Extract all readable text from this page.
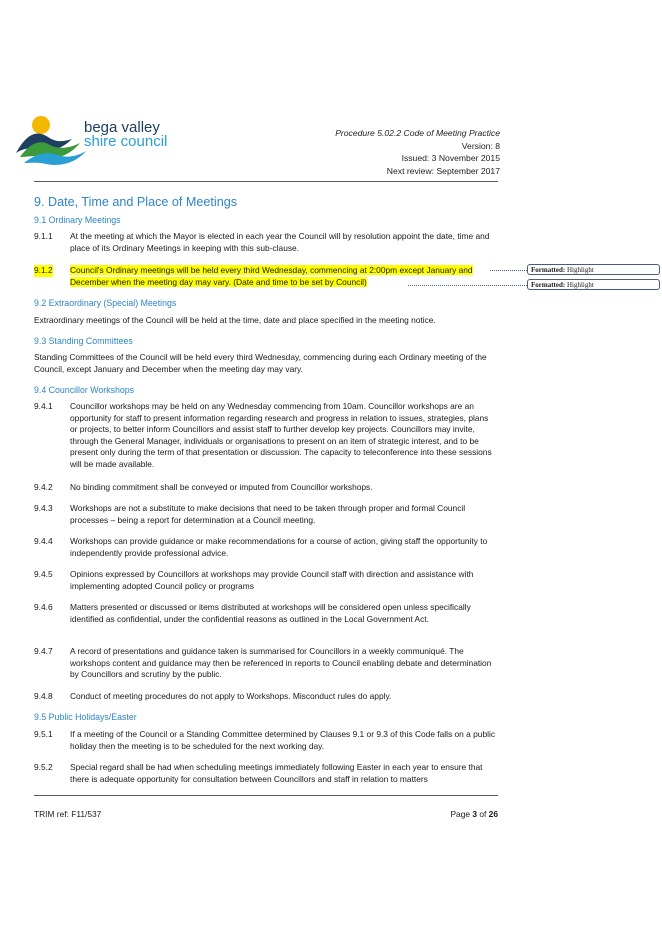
bega valley
shire council	Procedure 5.02.2 Code of Meeting Practice
Version: 8
Issued: 3 November 2015
Next review: September 2017
9. Date, Time and Place of Meetings
9.1 Ordinary Meetings
9.1.1 At the meeting at which the Mayor is elected in each year the Council will by resolution appoint the date, time and place of its Ordinary Meetings in keeping with this sub-clause.
9.1.2 Council's Ordinary meetings will be held every third Wednesday, commencing at 2:00pm except January and December when the meeting day may vary. (Date and time to be set by Council)
9.2 Extraordinary (Special) Meetings
Extraordinary meetings of the Council will be held at the time, date and place specified in the meeting notice.
9.3 Standing Committees
Standing Committees of the Council will be held every third Wednesday, commencing during each Ordinary meeting of the Council, except January and December when the meeting day may vary.
9.4 Councillor Workshops
9.4.1 Councillor workshops may be held on any Wednesday commencing from 10am. Councillor workshops are an opportunity for staff to present information regarding research and progress in relation to issues, strategies, plans or projects, to better inform Councillors and assist staff to further develop key projects. Councillors may invite, through the General Manager, individuals or organisations to present on an item of strategic interest, and to be present only during the term of that presentation or discussion. The capacity to teleconference into these sessions will be made available.
9.4.2 No binding commitment shall be conveyed or imputed from Councillor workshops.
9.4.3 Workshops are not a substitute to make decisions that need to be taken through proper and formal Council processes – being a report for determination at a Council meeting.
9.4.4 Workshops can provide guidance or make recommendations for a course of action, giving staff the opportunity to independently provide professional advice.
9.4.5 Opinions expressed by Councillors at workshops may provide Council staff with direction and assistance with implementing adopted Council policy or programs
9.4.6 Matters presented or discussed or items distributed at workshops will be considered open unless specifically identified as confidential, under the confidential reasons as outlined in the Local Government Act.
9.4.7 A record of presentations and guidance taken is summarised for Councillors in a weekly communiqué. The workshops content and guidance may then be referenced in reports to Council enabling debate and determination by Councillors and scrutiny by the public.
9.4.8 Conduct of meeting procedures do not apply to Workshops. Misconduct rules do apply.
9.5 Public Holidays/Easter
9.5.1 If a meeting of the Council or a Standing Committee determined by Clauses 9.1 or 9.3 of this Code falls on a public holiday then the meeting is to be scheduled for the next working day.
9.5.2 Special regard shall be had when scheduling meetings immediately following Easter in each year to ensure that there is adequate opportunity for consultation between Councillors and staff in relation to matters
Formatted: Highlight
Formatted: Highlight
TRIM ref: F11/537	Page 3 of 26
